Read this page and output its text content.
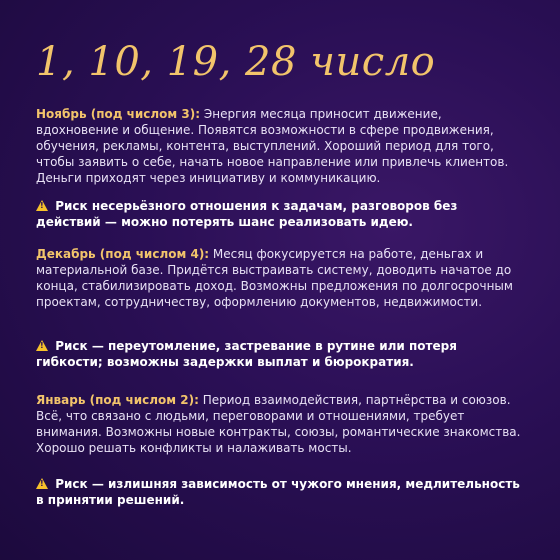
1, 10, 19, 28 число
Ноябрь (под числом 3): Энергия месяца приносит движение, вдохновение и общение. Появятся возможности в сфере продвижения, обучения, рекламы, контента, выступлений. Хороший период для того, чтобы заявить о себе, начать новое направление или привлечь клиентов. Деньги приходят через инициативу и коммуникацию.
! Риск несерьёзного отношения к задачам, разговоров без действий — можно потерять шанс реализовать идею.
Декабрь (под числом 4): Месяц фокусируется на работе, деньгах и материальной базе. Придётся выстраивать систему, доводить начатое до конца, стабилизировать доход. Возможны предложения по долгосрочным проектам, сотрудничеству, оформлению документов, недвижимости.
! Риск — переутомление, застревание в рутине или потеря гибкости; возможны задержки выплат и бюрократия.
Январь (под числом 2): Период взаимодействия, партнёрства и союзов. Всё, что связано с людьми, переговорами и отношениями, требует внимания. Возможны новые контракты, союзы, романтические знакомства. Хорошо решать конфликты и налаживать мосты.
! Риск — излишняя зависимость от чужого мнения, медлительность в принятии решений.
